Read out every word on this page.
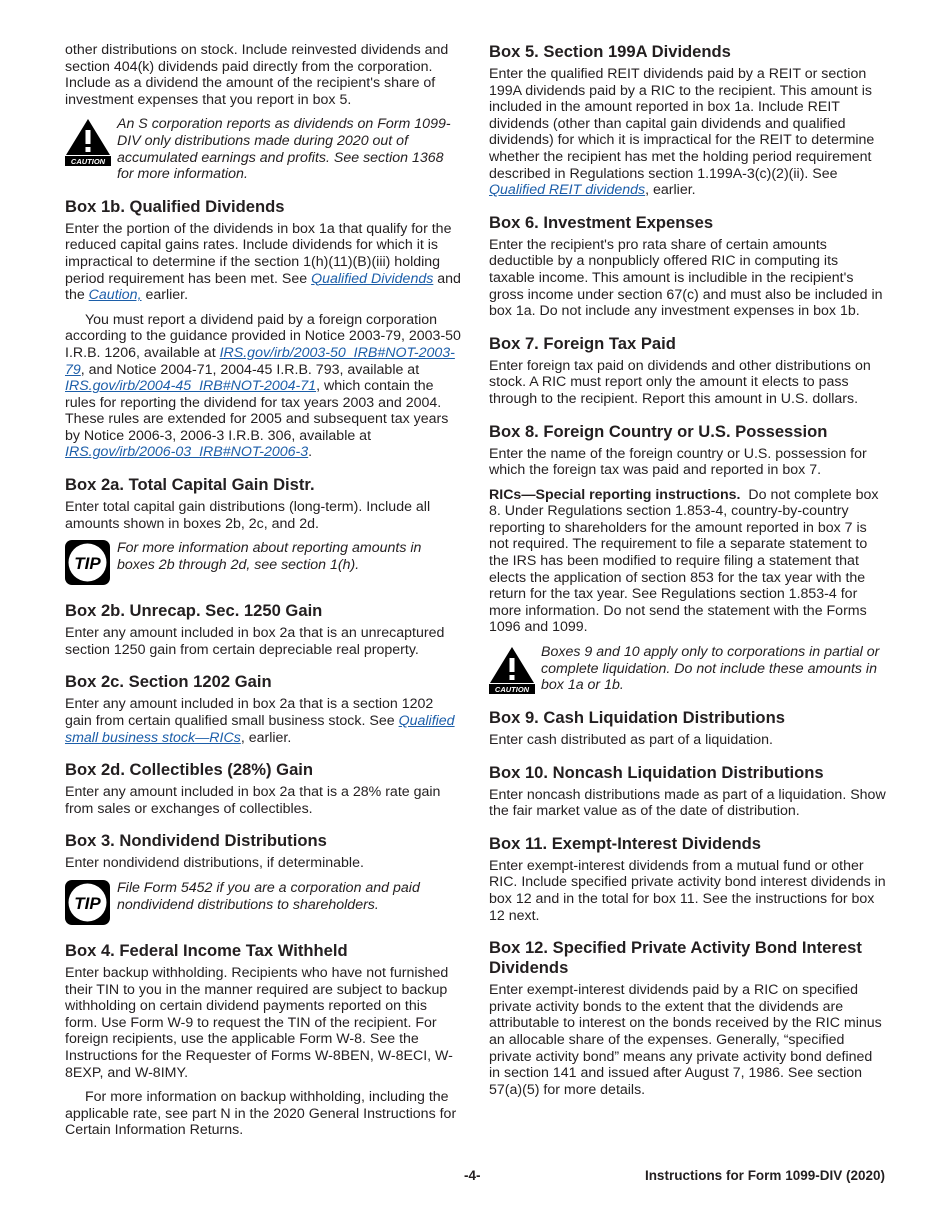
other distributions on stock. Include reinvested dividends and section 404(k) dividends paid directly from the corporation. Include as a dividend the amount of the recipient's share of investment expenses that you report in box 5.

CAUTION
An S corporation reports as dividends on Form 1099-DIV only distributions made during 2020 out of accumulated earnings and profits. See section 1368 for more information.
Box 1b. Qualified Dividends

Enter the portion of the dividends in box 1a that qualify for the reduced capital gains rates. Include dividends for which it is impractical to determine if the section 1(h)(11)(B)(iii) holding period requirement has been met. See Qualified Dividends and the Caution, earlier.

You must report a dividend paid by a foreign corporation according to the guidance provided in Notice 2003-79, 2003-50 I.R.B. 1206, available at IRS.gov/irb/2003-50_IRB#NOT-2003-79, and Notice 2004-71, 2004-45 I.R.B. 793, available at IRS.gov/irb/2004-45_IRB#NOT-2004-71, which contain the rules for reporting the dividend for tax years 2003 and 2004. These rules are extended for 2005 and subsequent tax years by Notice 2006-3, 2006-3 I.R.B. 306, available at IRS.gov/irb/2006-03_IRB#NOT-2006-3.

Box 2a. Total Capital Gain Distr.

Enter total capital gain distributions (long-term). Include all amounts shown in boxes 2b, 2c, and 2d.

TIP
For more information about reporting amounts in boxes 2b through 2d, see section 1(h).
Box 2b. Unrecap. Sec. 1250 Gain

Enter any amount included in box 2a that is an unrecaptured section 1250 gain from certain depreciable real property.

Box 2c. Section 1202 Gain

Enter any amount included in box 2a that is a section 1202 gain from certain qualified small business stock. See Qualified small business stock—RICs, earlier.

Box 2d. Collectibles (28%) Gain

Enter any amount included in box 2a that is a 28% rate gain from sales or exchanges of collectibles.

Box 3. Nondividend Distributions

Enter nondividend distributions, if determinable.

TIP
File Form 5452 if you are a corporation and paid nondividend distributions to shareholders.
Box 4. Federal Income Tax Withheld

Enter backup withholding. Recipients who have not furnished their TIN to you in the manner required are subject to backup withholding on certain dividend payments reported on this form. Use Form W-9 to request the TIN of the recipient. For foreign recipients, use the applicable Form W-8. See the Instructions for the Requester of Forms W-8BEN, W-8ECI, W-8EXP, and W-8IMY.

For more information on backup withholding, including the applicable rate, see part N in the 2020 General Instructions for Certain Information Returns.

Box 5. Section 199A Dividends

Enter the qualified REIT dividends paid by a REIT or section 199A dividends paid by a RIC to the recipient. This amount is included in the amount reported in box 1a. Include REIT dividends (other than capital gain dividends and qualified dividends) for which it is impractical for the REIT to determine whether the recipient has met the holding period requirement described in Regulations section 1.199A-3(c)(2)(ii). See Qualified REIT dividends, earlier.

Box 6. Investment Expenses

Enter the recipient's pro rata share of certain amounts deductible by a nonpublicly offered RIC in computing its taxable income. This amount is includible in the recipient's gross income under section 67(c) and must also be included in box 1a. Do not include any investment expenses in box 1b.

Box 7. Foreign Tax Paid

Enter foreign tax paid on dividends and other distributions on stock. A RIC must report only the amount it elects to pass through to the recipient. Report this amount in U.S. dollars.

Box 8. Foreign Country or U.S. Possession

Enter the name of the foreign country or U.S. possession for which the foreign tax was paid and reported in box 7.

RICs—Special reporting instructions. Do not complete box 8. Under Regulations section 1.853-4, country-by-country reporting to shareholders for the amount reported in box 7 is not required. The requirement to file a separate statement to the IRS has been modified to require filing a statement that elects the application of section 853 for the tax year with the return for the tax year. See Regulations section 1.853-4 for more information. Do not send the statement with the Forms 1096 and 1099.

CAUTION
Boxes 9 and 10 apply only to corporations in partial or complete liquidation. Do not include these amounts in box 1a or 1b.
Box 9. Cash Liquidation Distributions

Enter cash distributed as part of a liquidation.

Box 10. Noncash Liquidation Distributions

Enter noncash distributions made as part of a liquidation. Show the fair market value as of the date of distribution.

Box 11. Exempt-Interest Dividends

Enter exempt-interest dividends from a mutual fund or other RIC. Include specified private activity bond interest dividends in box 12 and in the total for box 11. See the instructions for box 12 next.

Box 12. Specified Private Activity Bond Interest Dividends

Enter exempt-interest dividends paid by a RIC on specified private activity bonds to the extent that the dividends are attributable to interest on the bonds received by the RIC minus an allocable share of the expenses. Generally, “specified private activity bond” means any private activity bond defined in section 141 and issued after August 7, 1986. See section 57(a)(5) for more details.

-4-	Instructions for Form 1099-DIV (2020)
